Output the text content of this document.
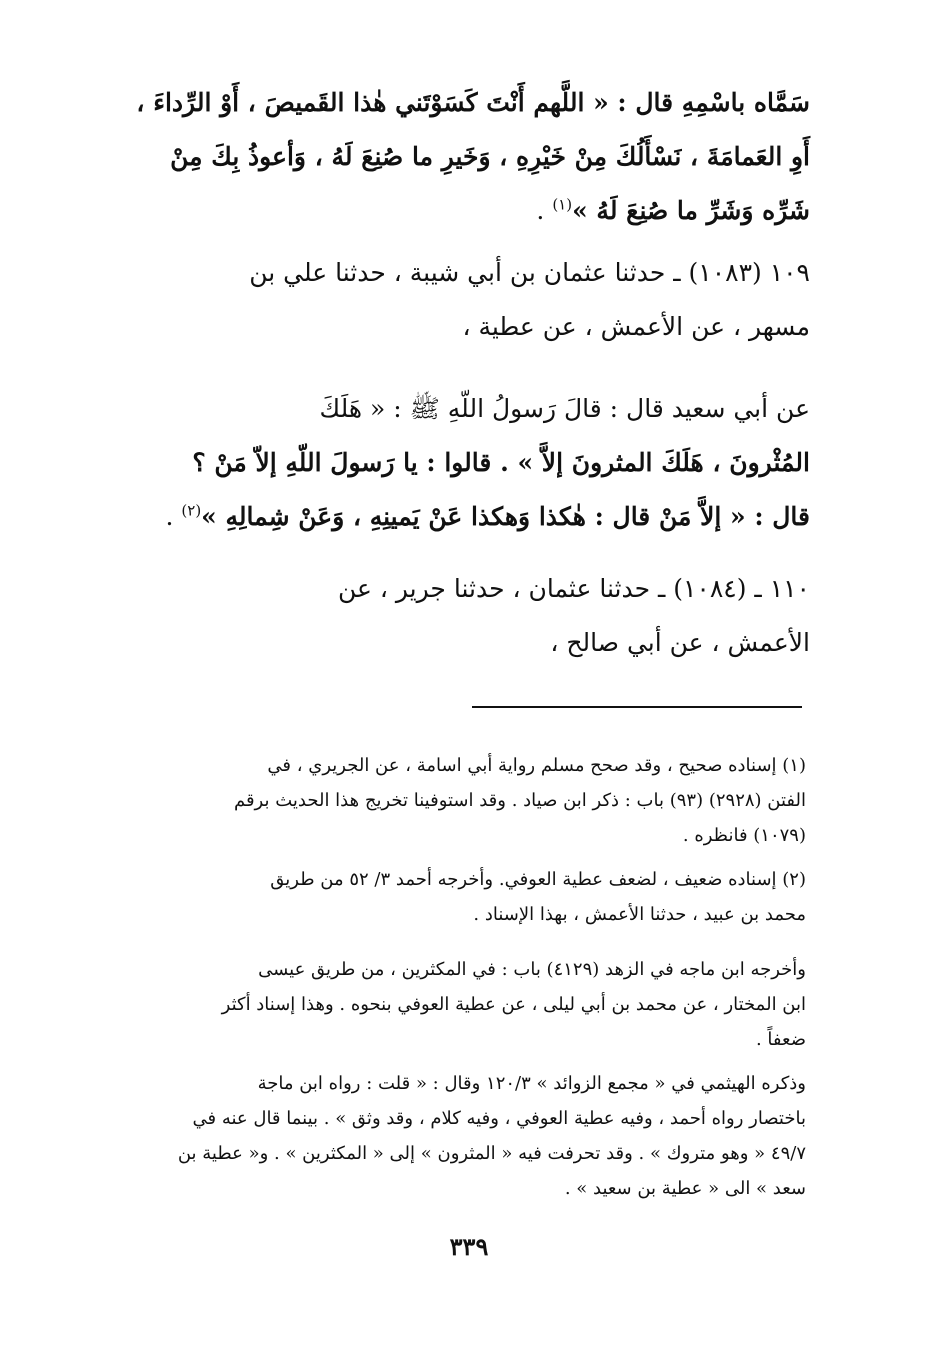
سَمَّاه باسْمِهِ قال : « اللَّهم أَنْتَ كَسَوْتَني هٰذا القَميصَ ، أَوْ الرِّداءَ ،
أَوِ العَمامَةَ ، نَسْأَلُكَ مِنْ خَيْرِهِ ، وَخَيرِ ما صُنِعَ لَهُ ، وَأعوذُ بِكَ مِنْ
شَرِّه وَشَرِّ ما صُنِعَ لَهُ »$^{(١)}$ .
١٠٩ (١٠٨٣) ـ حدثنا عثمان بن أبي شيبة ، حدثنا علي بن
مسهر ، عن الأعمش ، عن عطية ،
عن أبي سعيد قال : قالَ رَسولُ اللّهِ ﷺ : « هَلَكَ
المُثْرونَ ، هَلَكَ المثرونَ إلاَّ » . قالوا : يا رَسولَ اللّهِ إلاّ مَنْ ؟
قال : « إلاَّ مَنْ قال : هٰكذا وَهكذا عَنْ يَمينِهِ ، وَعَنْ شِمالِهِ »$^{(٢)}$ .
١١٠ ـ (١٠٨٤) ـ حدثنا عثمان ، حدثنا جرير ، عن
الأعمش ، عن أبي صالح ،
(١) إسناده صحيح ، وقد صحح مسلم رواية أبي اسامة ، عن الجريري ، في
الفتن (٢٩٢٨) (٩٣) باب : ذكر ابن صياد . وقد استوفينا تخريج هذا الحديث برقم
(١٠٧٩) فانظره .
(٢) إسناده ضعيف ، لضعف عطية العوفي. وأخرجه أحمد ٣/ ٥٢ من طريق
محمد بن عبيد ، حدثنا الأعمش ، بهذا الإسناد .
وأخرجه ابن ماجه في الزهد (٤١٢٩) باب : في المكثرين ، من طريق عيسى
ابن المختار ، عن محمد بن أبي ليلى ، عن عطية العوفي بنحوه . وهذا إسناد أكثر
ضعفاً .
وذكره الهيثمي في « مجمع الزوائد » ١٢٠/٣ وقال : « قلت : رواه ابن ماجة
باختصار رواه أحمد ، وفيه عطية العوفي ، وفيه كلام ، وقد وثق » . بينما قال عنه في
٤٩/٧ « وهو متروك » . وقد تحرفت فيه « المثرون » إلى « المكثرين » . و« عطية بن
سعد » الى « عطية بن سعيد » .
٣٣٩
